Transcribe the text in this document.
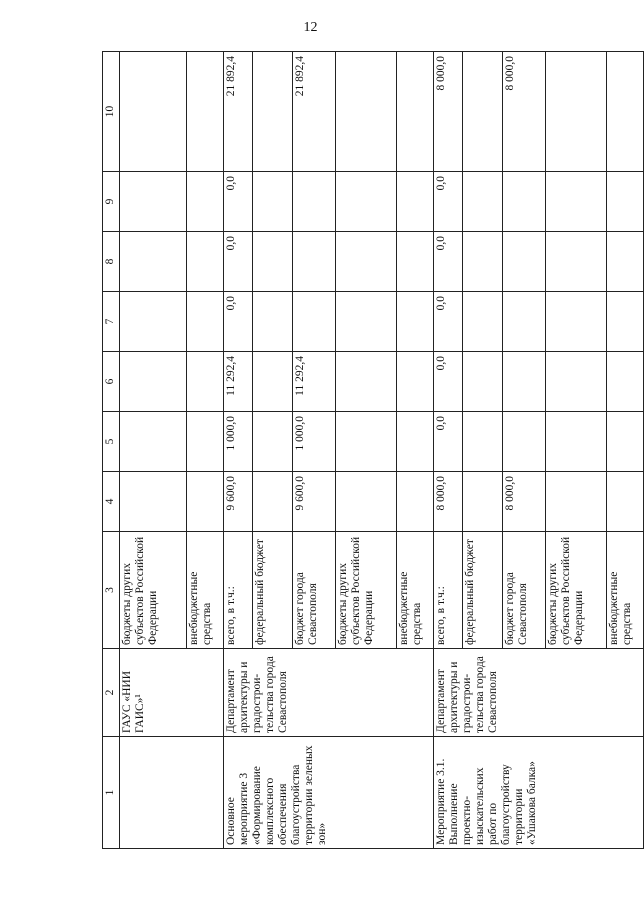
12
1	2	3	4	5	6	7	8	9	10
	ГАУС «НИИ ГАИС»¹	бюджеты других субъектов Российской Федерации							
		внебюджетные средства							
Основное мероприятие 3 «Формирование комплексного обеспечения благоустройства территории зеленых зон»	Департамент архитектуры и градострои-тельства города Севастополя	всего, в т.ч.:	9 600,0	1 000,0	11 292,4	0,0	0,0	0,0	21 892,4
		федеральный бюджет							
		бюджет города Севастополя	9 600,0	1 000,0	11 292,4				21 892,4
		бюджеты других субъектов Российской Федерации							
		внебюджетные средства							
Мероприятие 3.1. Выполнение проектно-изыскательских работ по благоустройству территории «Ушакова балка»	Департамент архитектуры и градострои-тельства города Севастополя	всего, в т.ч.:	8 000,0	0,0	0,0	0,0	0,0	0,0	8 000,0
		федеральный бюджет							
		бюджет города Севастополя	8 000,0						8 000,0
		бюджеты других субъектов Российской Федерации							
		внебюджетные средства							
